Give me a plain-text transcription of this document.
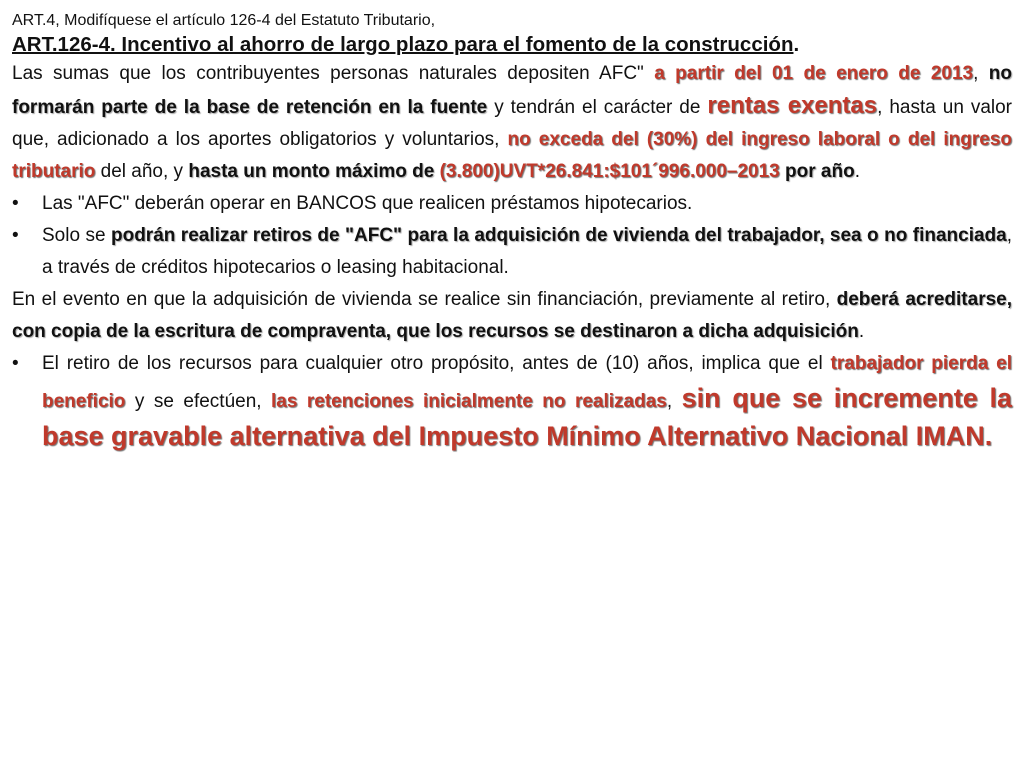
ART.4, Modifíquese el artículo 126-4 del Estatuto Tributario,

ART.126-4. Incentivo al ahorro de largo plazo para el fomento de la construcción.

Las sumas que los contribuyentes personas naturales depositen AFC" a partir del 01 de enero de 2013, no formarán parte de la base de retención en la fuente y tendrán el carácter de rentas exentas, hasta un valor que, adicionado a los aportes obligatorios y voluntarios, no exceda del (30%) del ingreso laboral o del ingreso tributario del año, y hasta un monto máximo de (3.800)UVT*26.841:$101´996.000–2013 por año.

•	Las "AFC" deberán operar en BANCOS que realicen préstamos hipotecarios.
•	Solo se podrán realizar retiros de "AFC" para la adquisición de vivienda del trabajador, sea o no financiada, a través de créditos hipotecarios o leasing habitacional.

En el evento en que la adquisición de vivienda se realice sin financiación, previamente al retiro, deberá acreditarse, con copia de la escritura de compraventa, que los recursos se destinaron a dicha adquisición.

•	El retiro de los recursos para cualquier otro propósito, antes de (10) años, implica que el trabajador pierda el beneficio y se efectúen, las retenciones inicialmente no realizadas, sin que se incremente la base gravable alternativa del Impuesto Mínimo Alternativo Nacional IMAN.
